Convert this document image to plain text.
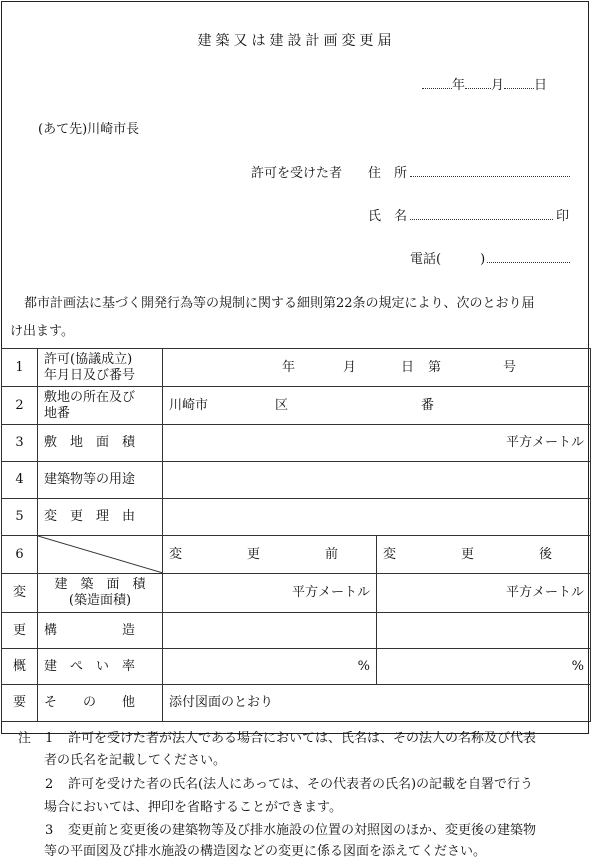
建築又は建設計画変更届
年 月 日
(あて先)川崎市長
許可を受けた者 住　所
氏　名	印
電話(　　　)
都市計画法に基づく開発行為等の規制に関する細則第22条の規定により、次のとおり届
け出ます。
1	許可(協議成立)
年月日及び番号	年 月 日 第 号	

2	敷地の所在及び
地番	川崎市 区 番	

3	敷　地　面　積	平方メートル	
4	建築物等の用途		
5	変　更　理　由		
6		変　　　　　更　　　　　前	変　　　　　更　　　　　後
変	建　築　面　積
(築造面積)	平方メートル	平方メートル
更	構　　　　　造		
概	建　ぺ　い　率	%	%
要	そ　　の　　他	添付図面のとおり	
注 1 許可を受けた者が法人である場合においては、氏名は、その法人の名称及び代表
者の氏名を記載してください。
2 許可を受けた者の氏名(法人にあっては、その代表者の氏名)の記載を自署で行う
場合においては、押印を省略することができます。
3 変更前と変更後の建築物等及び排水施設の位置の対照図のほか、変更後の建築物
等の平面図及び排水施設の構造図などの変更に係る図面を添えてください。
